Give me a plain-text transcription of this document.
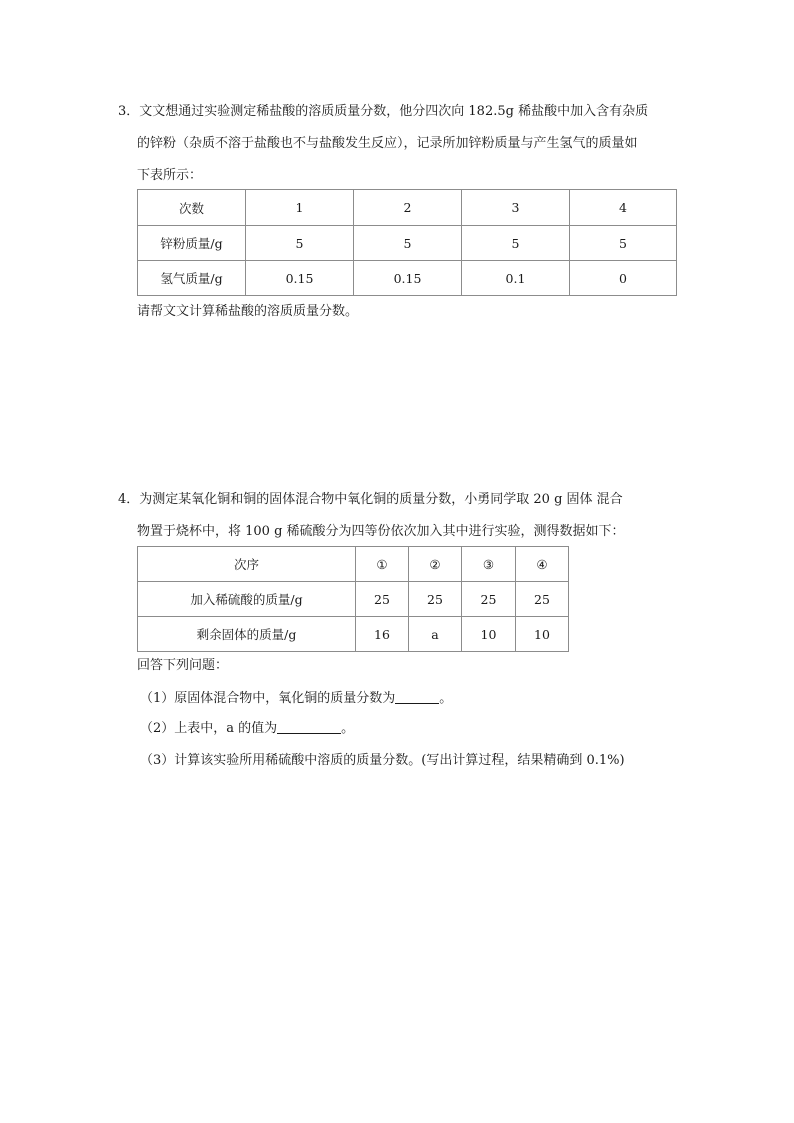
3．文文想通过实验测定稀盐酸的溶质质量分数，他分四次向 182.5g 稀盐酸中加入含有杂质
的锌粉（杂质不溶于盐酸也不与盐酸发生反应），记录所加锌粉质量与产生氢气的质量如
下表所示：
次数	1	2	3	4
锌粉质量/g	5	5	5	5
氢气质量/g	0.15	0.15	0.1	0
请帮文文计算稀盐酸的溶质质量分数。
4．为测定某氧化铜和铜的固体混合物中氧化铜的质量分数，小勇同学取 20 g 固体 混合
物置于烧杯中，将 100 g 稀硫酸分为四等份依次加入其中进行实验，测得数据如下：
次序	①	②	③	④
加入稀硫酸的质量/g	25	25	25	25
剩余固体的质量/g	16	a	10	10
回答下列问题：
（1）原固体混合物中，氧化铜的质量分数为	。
（2）上表中，a 的值为	。
（3）计算该实验所用稀硫酸中溶质的质量分数。(写出计算过程，结果精确到 0.1%)
